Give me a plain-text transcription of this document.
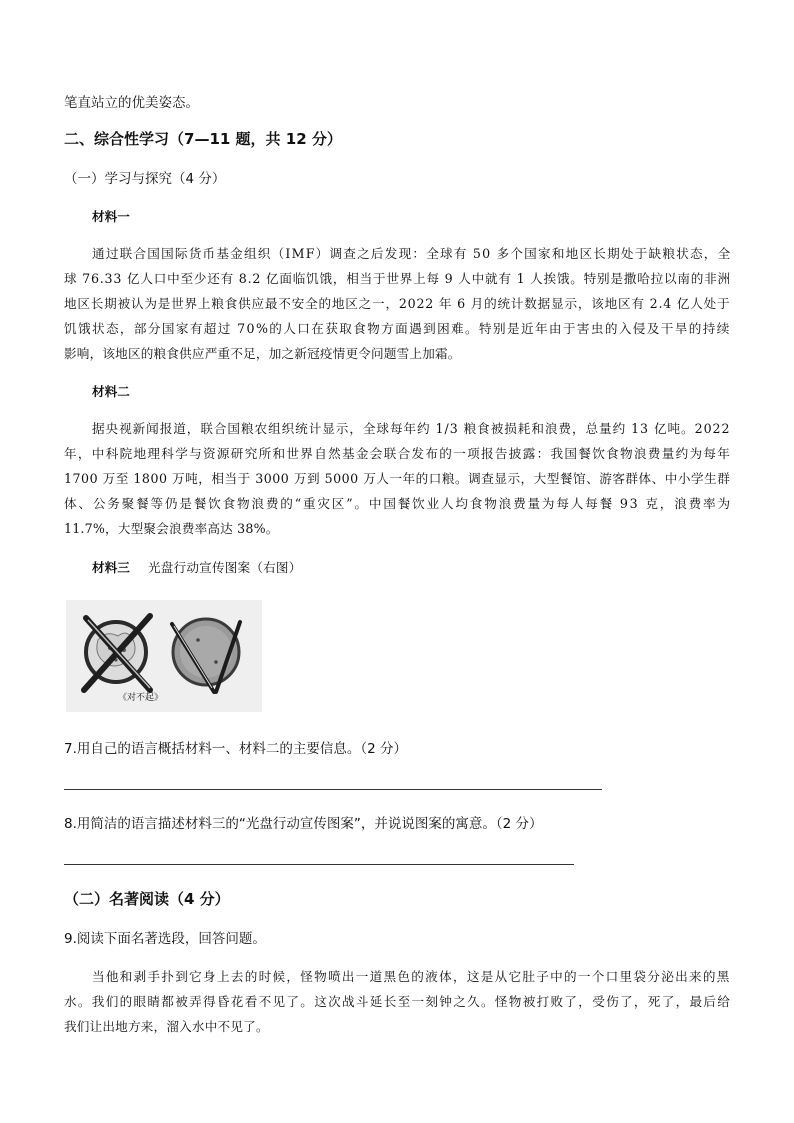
笔直站立的优美姿态。
二、综合性学习（7—11 题，共 12 分）
（一）学习与探究（4 分）
材料一
通过联合国国际货币基金组织（IMF）调查之后发现：全球有 50 多个国家和地区长期处于缺粮状态，全
球 76.33 亿人口中至少还有 8.2 亿面临饥饿，相当于世界上每 9 人中就有 1 人挨饿。特别是撒哈拉以南的非洲
地区长期被认为是世界上粮食供应最不安全的地区之一，2022 年 6 月的统计数据显示，该地区有 2.4 亿人处于
饥饿状态，部分国家有超过 70%的人口在获取食物方面遇到困难。特别是近年由于害虫的入侵及干旱的持续
影响，该地区的粮食供应严重不足，加之新冠疫情更令问题雪上加霜。
材料二
据央视新闻报道，联合国粮农组织统计显示，全球每年约 1/3 粮食被损耗和浪费，总量约 13 亿吨。2022
年，中科院地理科学与资源研究所和世界自然基金会联合发布的一项报告披露：我国餐饮食物浪费量约为每年
1700 万至 1800 万吨，相当于 3000 万到 5000 万人一年的口粮。调查显示，大型餐馆、游客群体、中小学生群
体、公务聚餐等仍是餐饮食物浪费的“重灾区”。中国餐饮业人均食物浪费量为每人每餐 93 克，浪费率为
11.7%，大型聚会浪费率高达 38%。
材料三 光盘行动宣传图案（右图）
《对不起》
7.用自己的语言概括材料一、材料二的主要信息。（2 分）
8.用简洁的语言描述材料三的“光盘行动宣传图案”，并说说图案的寓意。（2 分）
（二）名著阅读（4 分）
9.阅读下面名著选段，回答问题。
当他和剥手扑到它身上去的时候，怪物喷出一道黑色的液体，这是从它肚子中的一个口里袋分泌出来的黑
水。我们的眼睛都被弄得昏花看不见了。这次战斗延长至一刻钟之久。怪物被打败了，受伤了，死了，最后给
我们让出地方来，溜入水中不见了。
